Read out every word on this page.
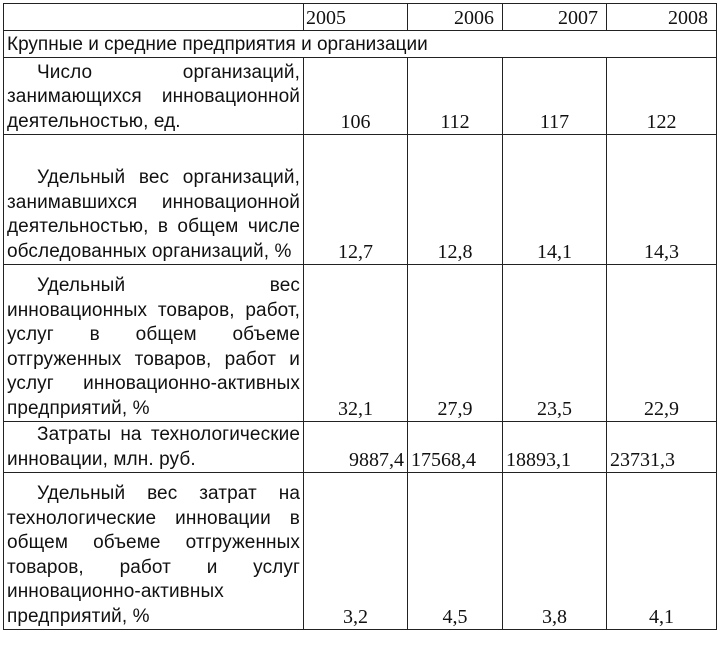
	2005	2006	2007	2008
Крупные и средние предприятия и организации				

Число организаций, занимающихся инновационной деятельностью, ед.	106	112	117	122

Удельный вес организаций, занимавшихся инновационной деятельностью, в общем числе обследованных организаций, %	12,7	12,8	14,1	14,3

Удельный вес инновационных товаров, работ, услуг в общем объеме отгруженных товаров, работ и услуг инновационно-активных предприятий, %	32,1	27,9	23,5	22,9

Затраты на технологические инновации, млн. руб.	9887,4	17568,4	18893,1	23731,3

Удельный вес затрат на технологические инновации в общем объеме отгруженных товаров, работ и услуг инновационно-активных предприятий, %	3,2	4,5	3,8	4,1
